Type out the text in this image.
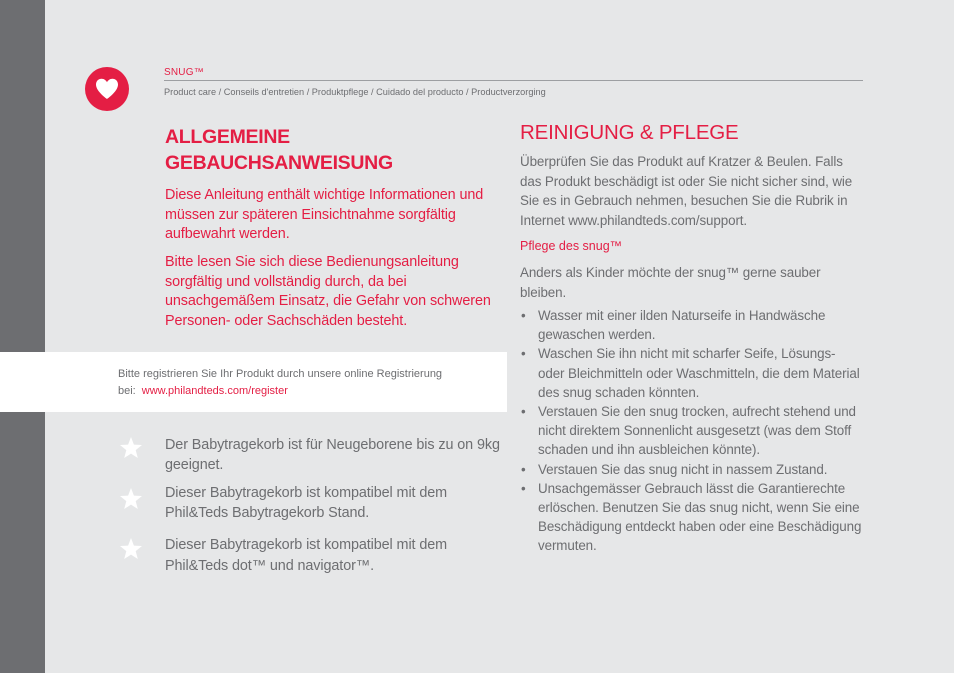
SNUG™
Product care / Conseils d'entretien / Produktpflege / Cuidado del producto / Productverzorging
ALLGEMEINE
GEBAUCHSANWEISUNG
Diese Anleitung enthält wichtige Informationen und müssen zur späteren Einsichtnahme sorgfältig aufbewahrt werden.
Bitte lesen Sie sich diese Bedienungsanleitung sorgfältig und vollständig durch, da bei unsachgemäßem Einsatz, die Gefahr von schweren Personen- oder Sachschäden besteht.
Bitte registrieren Sie Ihr Produkt durch unsere online Registrierung
bei: www.philandteds.com/register
Der Babytragekorb ist für Neugeborene bis zu on 9kg geeignet.
Dieser Babytragekorb ist kompatibel mit dem Phil&Teds Babytragekorb Stand.
Dieser Babytragekorb ist kompatibel mit dem Phil&Teds dot™ und navigator™.
REINIGUNG & PFLEGE
Überprüfen Sie das Produkt auf Kratzer & Beulen. Falls das Produkt beschädigt ist oder Sie nicht sicher sind, wie Sie es in Gebrauch nehmen, besuchen Sie die Rubrik in Internet www.philandteds.com/support.
Pflege des snug™
Anders als Kinder möchte der snug™ gerne sauber bleiben.
• Wasser mit einer ilden Naturseife in Handwäsche gewaschen werden.
• Waschen Sie ihn nicht mit scharfer Seife, Lösungs- oder Bleichmitteln oder Waschmitteln, die dem Material des snug schaden könnten.
• Verstauen Sie den snug trocken, aufrecht stehend und nicht direktem Sonnenlicht ausgesetzt (was dem Stoff schaden und ihn ausbleichen könnte).
• Verstauen Sie das snug nicht in nassem Zustand.
• Unsachgemässer Gebrauch lässt die Garantierechte erlöschen. Benutzen Sie das snug nicht, wenn Sie eine Beschädigung entdeckt haben oder eine Beschädigung vermuten.
